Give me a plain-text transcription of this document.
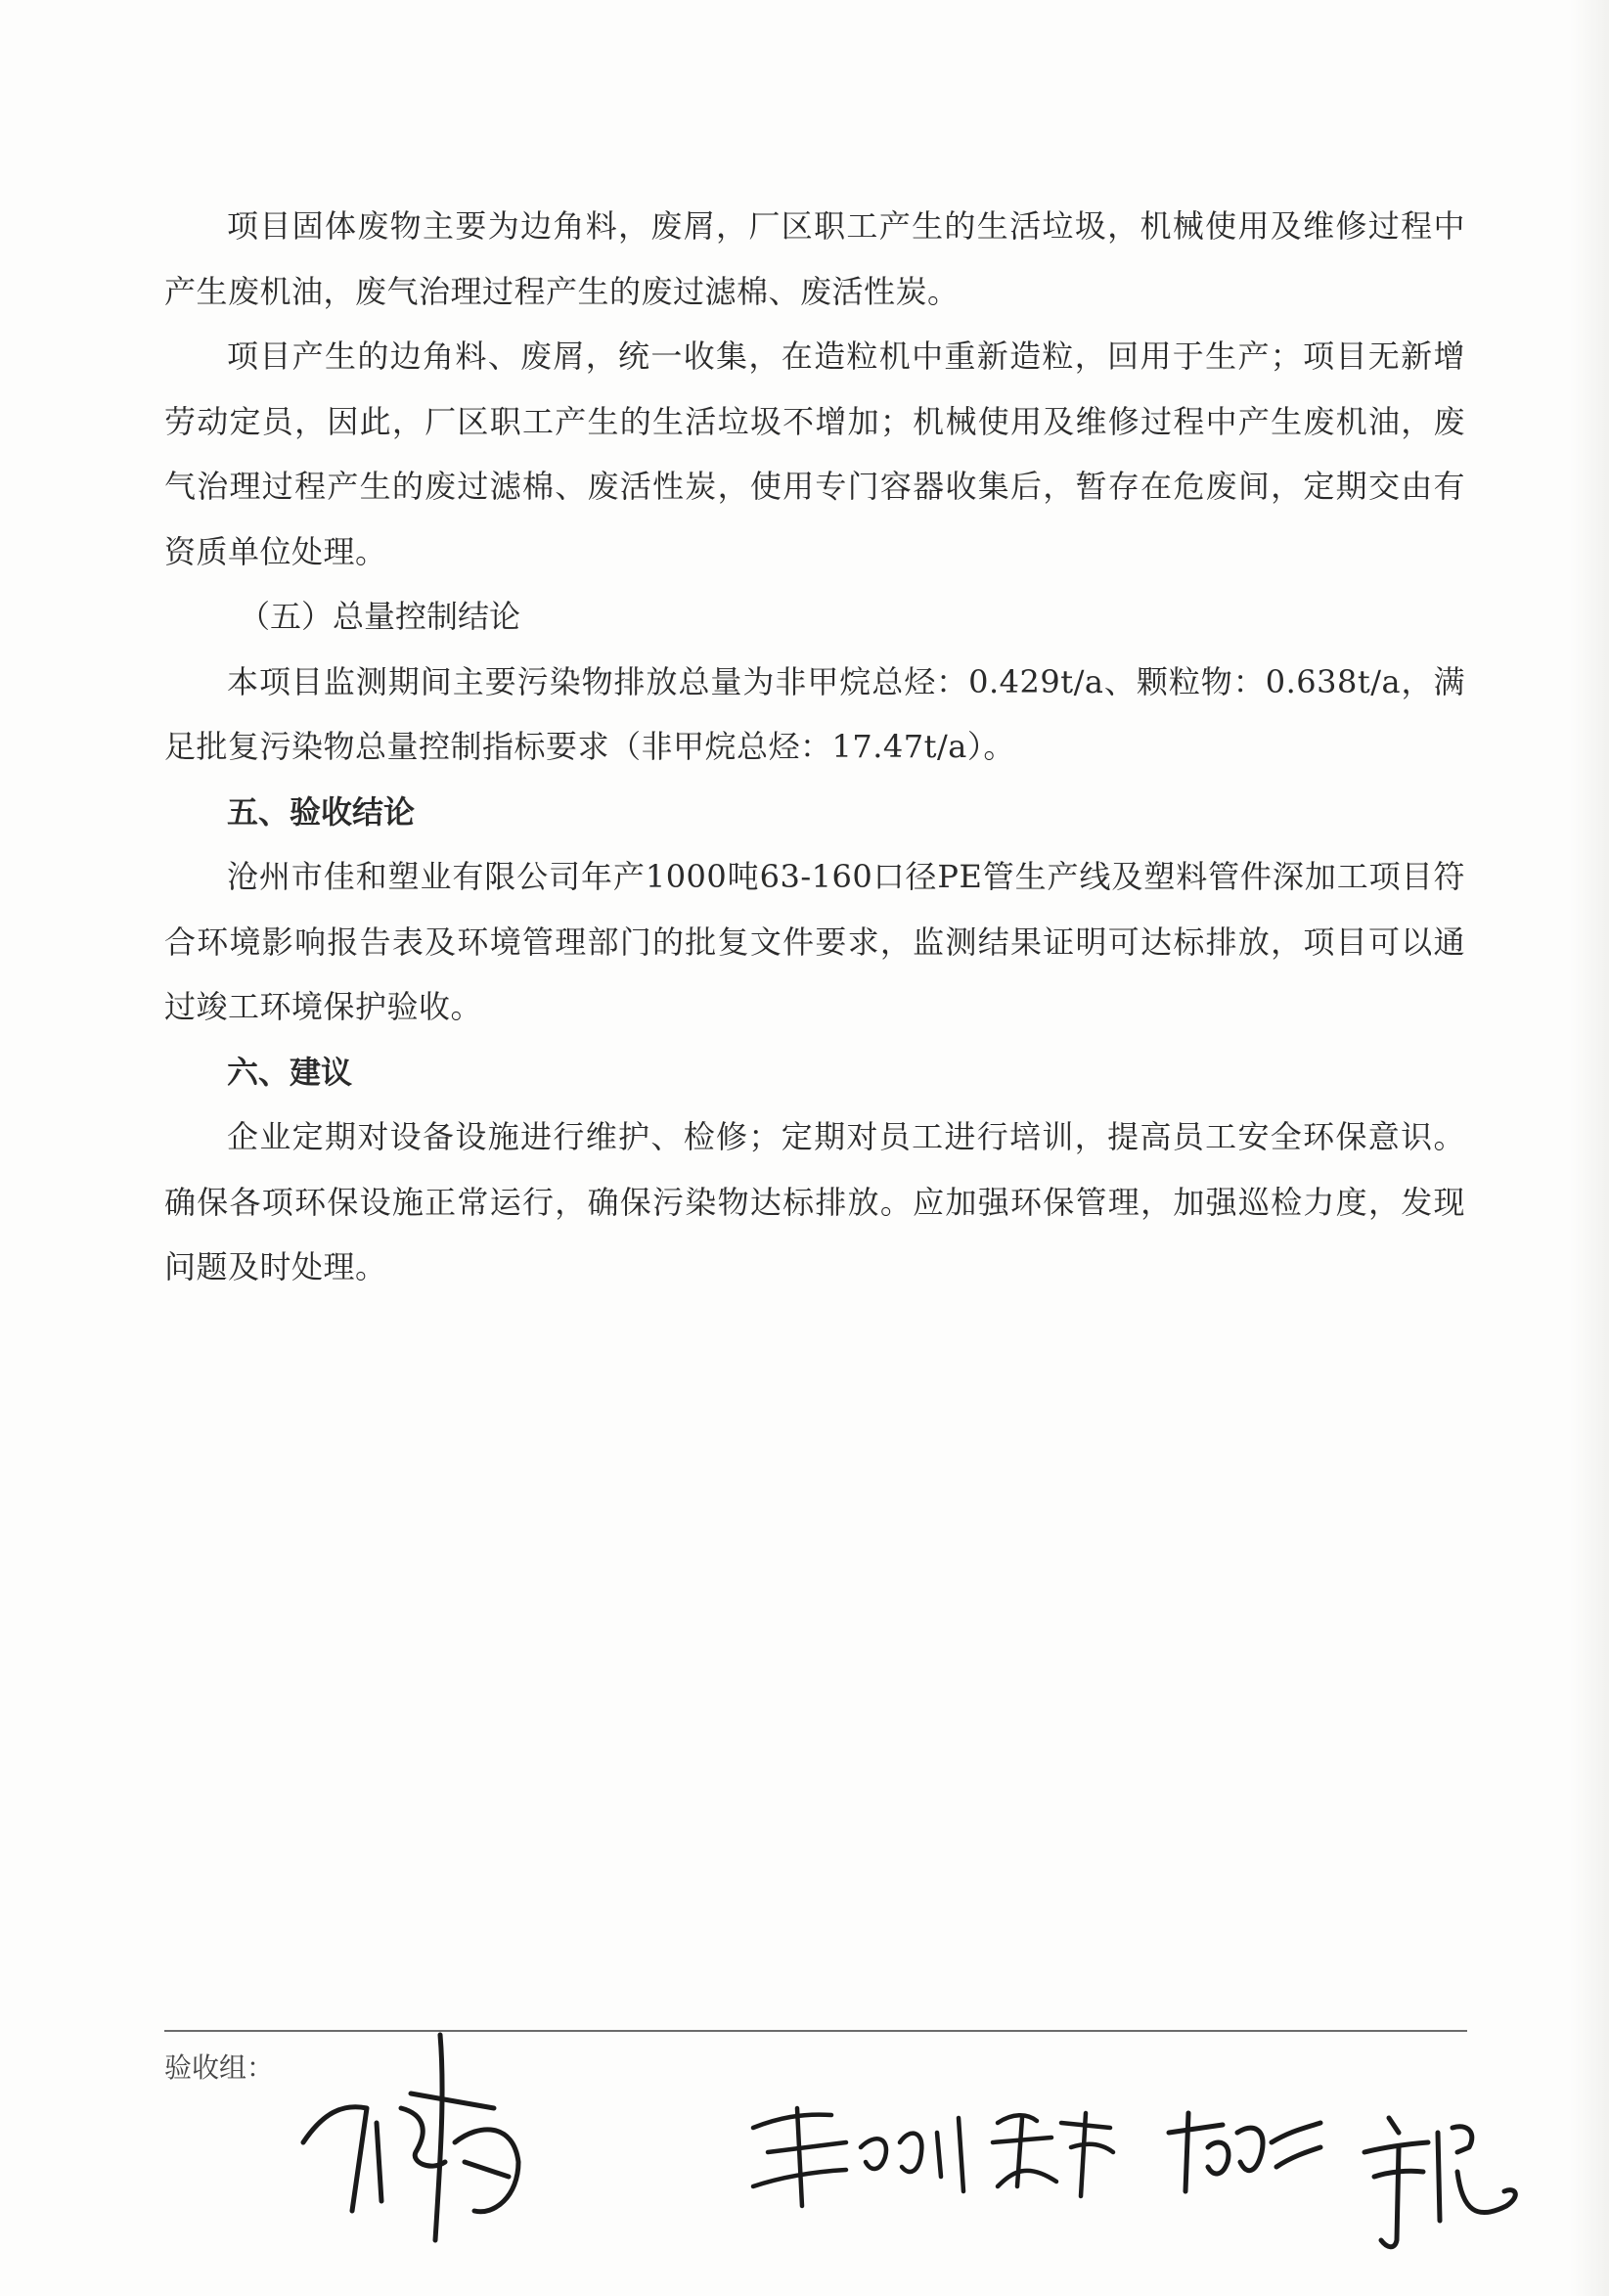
项目固体废物主要为边角料，废屑，厂区职工产生的生活垃圾，机械使用及维修过程中产生废机油，废气治理过程产生的废过滤棉、废活性炭。

项目产生的边角料、废屑，统一收集，在造粒机中重新造粒，回用于生产；项目无新增劳动定员，因此，厂区职工产生的生活垃圾不增加；机械使用及维修过程中产生废机油，废气治理过程产生的废过滤棉、废活性炭，使用专门容器收集后，暂存在危废间，定期交由有资质单位处理。

（五）总量控制结论

本项目监测期间主要污染物排放总量为非甲烷总烃：0.429t/a、颗粒物：0.638t/a，满足批复污染物总量控制指标要求（非甲烷总烃：17.47t/a）。

五、验收结论

沧州市佳和塑业有限公司年产1000吨63-160口径PE管生产线及塑料管件深加工项目符合环境影响报告表及环境管理部门的批复文件要求，监测结果证明可达标排放，项目可以通过竣工环境保护验收。

六、建议

企业定期对设备设施进行维护、检修；定期对员工进行培训，提高员工安全环保意识。确保各项环保设施正常运行，确保污染物达标排放。应加强环保管理，加强巡检力度，发现问题及时处理。

验收组：
